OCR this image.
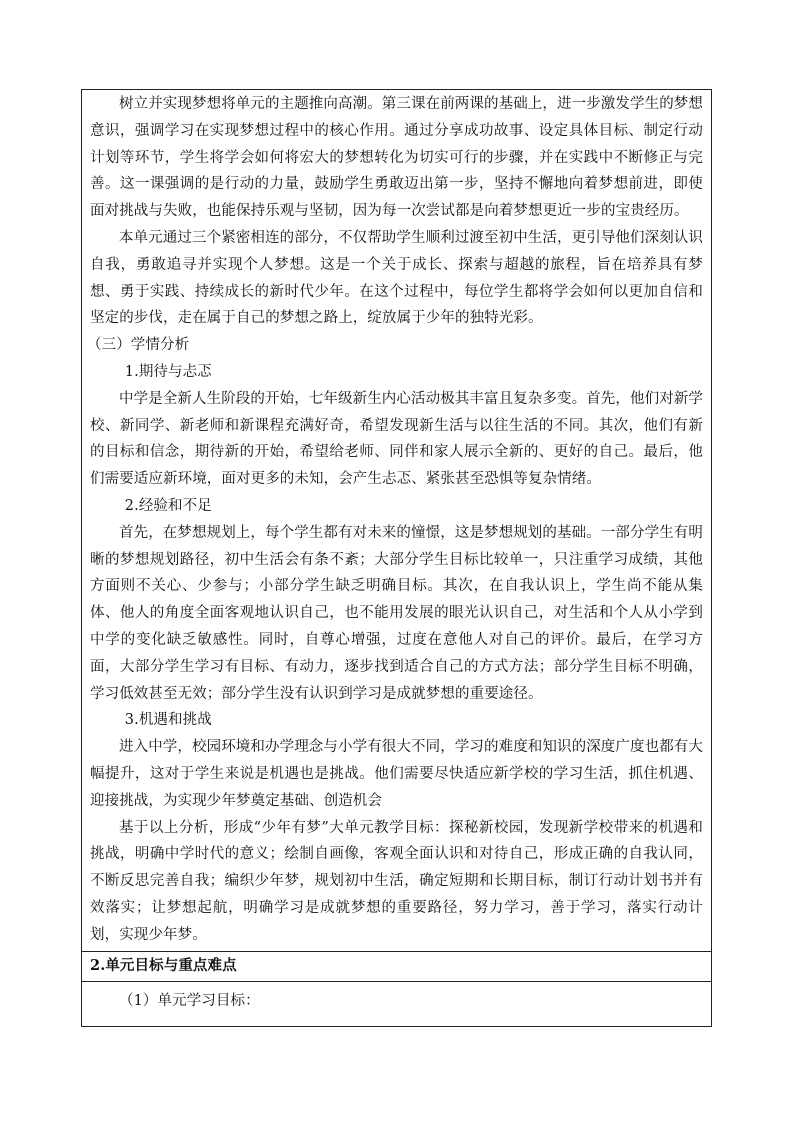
树立并实现梦想将单元的主题推向高潮。第三课在前两课的基础上，进一步激发学生的梦想意识，强调学习在实现梦想过程中的核心作用。通过分享成功故事、设定具体目标、制定行动计划等环节，学生将学会如何将宏大的梦想转化为切实可行的步骤，并在实践中不断修正与完善。这一课强调的是行动的力量，鼓励学生勇敢迈出第一步，坚持不懈地向着梦想前进，即使面对挑战与失败，也能保持乐观与坚韧，因为每一次尝试都是向着梦想更近一步的宝贵经历。

本单元通过三个紧密相连的部分，不仅帮助学生顺利过渡至初中生活，更引导他们深刻认识自我，勇敢追寻并实现个人梦想。这是一个关于成长、探索与超越的旅程，旨在培养具有梦想、勇于实践、持续成长的新时代少年。在这个过程中，每位学生都将学会如何以更加自信和坚定的步伐，走在属于自己的梦想之路上，绽放属于少年的独特光彩。

（三）学情分析

1.期待与忐忑

中学是全新人生阶段的开始，七年级新生内心活动极其丰富且复杂多变。首先，他们对新学校、新同学、新老师和新课程充满好奇，希望发现新生活与以往生活的不同。其次，他们有新的目标和信念，期待新的开始，希望给老师、同伴和家人展示全新的、更好的自己。最后，他们需要适应新环境，面对更多的未知，会产生忐忑、紧张甚至恐惧等复杂情绪。

2.经验和不足

首先，在梦想规划上，每个学生都有对未来的憧憬，这是梦想规划的基础。一部分学生有明晰的梦想规划路径，初中生活会有条不紊；大部分学生目标比较单一，只注重学习成绩，其他方面则不关心、少参与；小部分学生缺乏明确目标。其次，在自我认识上，学生尚不能从集体、他人的角度全面客观地认识自己，也不能用发展的眼光认识自己，对生活和个人从小学到中学的变化缺乏敏感性。同时，自尊心增强，过度在意他人对自己的评价。最后，在学习方面，大部分学生学习有目标、有动力，逐步找到适合自己的方式方法；部分学生目标不明确，学习低效甚至无效；部分学生没有认识到学习是成就梦想的重要途径。

3.机遇和挑战

进入中学，校园环境和办学理念与小学有很大不同，学习的难度和知识的深度广度也都有大幅提升，这对于学生来说是机遇也是挑战。他们需要尽快适应新学校的学习生活，抓住机遇、迎接挑战，为实现少年梦奠定基础、创造机会

基于以上分析，形成“少年有梦”大单元教学目标：探秘新校园，发现新学校带来的机遇和挑战，明确中学时代的意义；绘制自画像，客观全面认识和对待自己，形成正确的自我认同，不断反思完善自我；编织少年梦，规划初中生活，确定短期和长期目标，制订行动计划书并有效落实；让梦想起航，明确学习是成就梦想的重要路径，努力学习，善于学习，落实行动计划，实现少年梦。

2.单元目标与重点难点

（1）单元学习目标：
